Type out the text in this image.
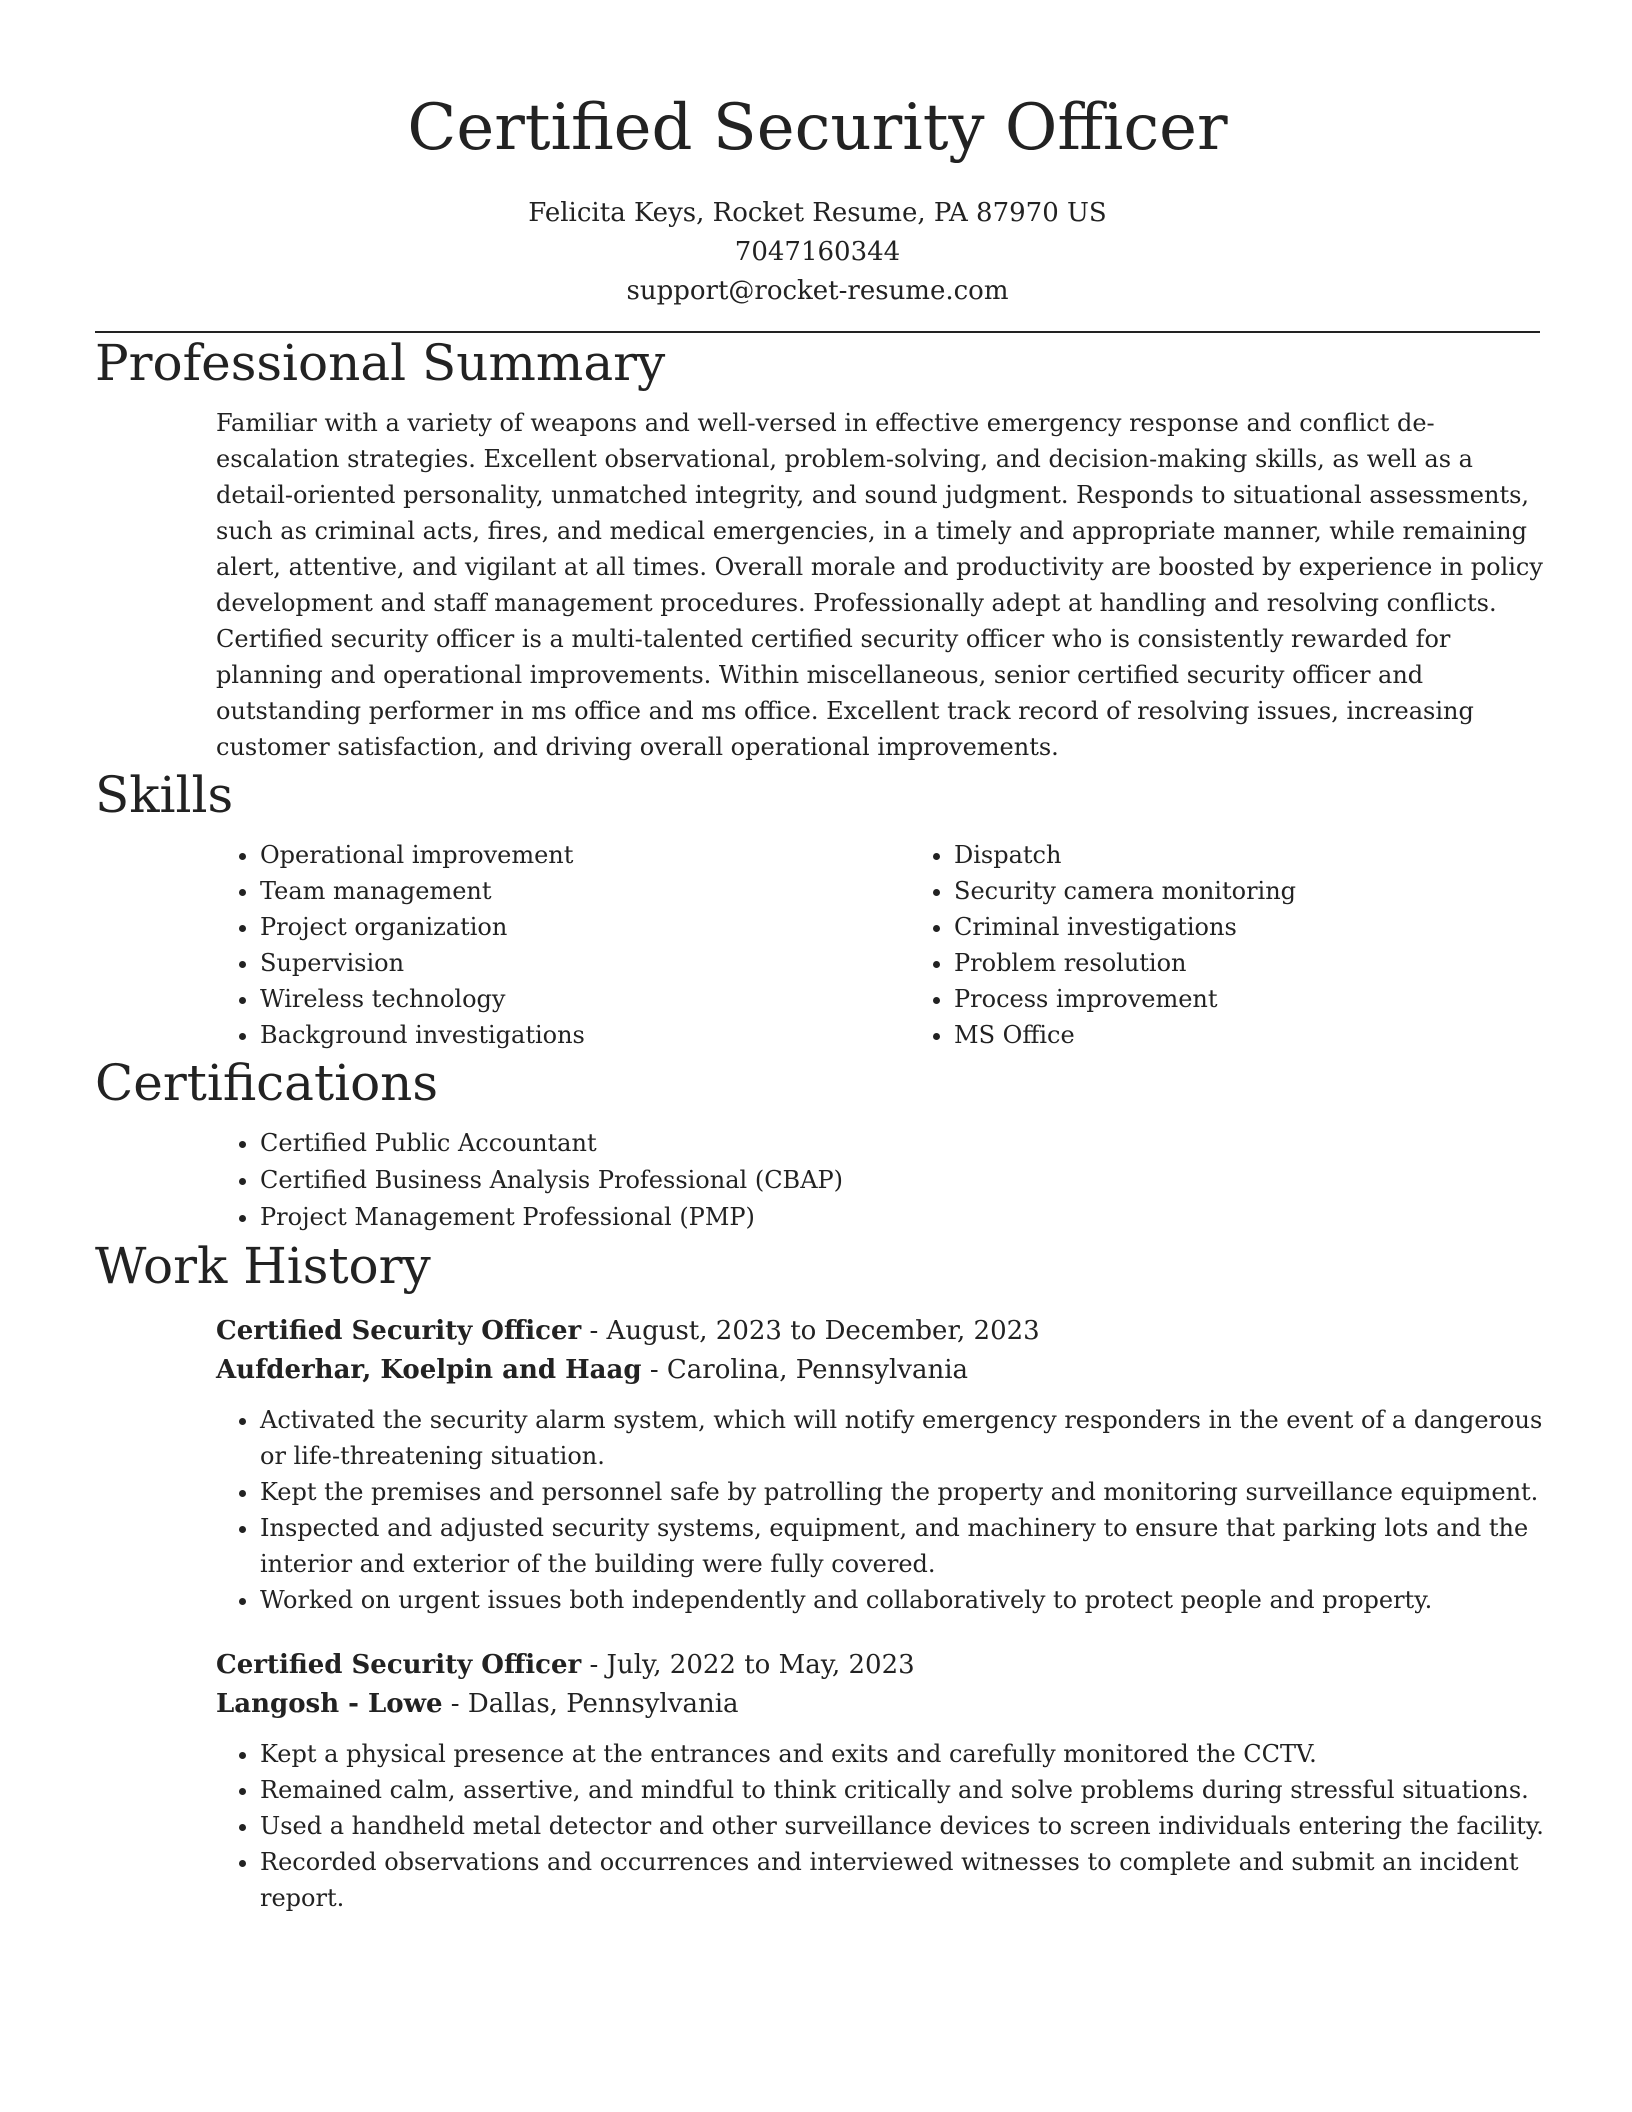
Certified Security Officer
Felicita Keys, Rocket Resume, PA 87970 US
7047160344
support@rocket-resume.com
Professional Summary
Familiar with a variety of weapons and well-versed in effective emergency response and conflict de-escalation strategies. Excellent observational, problem-solving, and decision-making skills, as well as a detail-oriented personality, unmatched integrity, and sound judgment. Responds to situational assessments, such as criminal acts, fires, and medical emergencies, in a timely and appropriate manner, while remaining alert, attentive, and vigilant at all times. Overall morale and productivity are boosted by experience in policy development and staff management procedures. Professionally adept at handling and resolving conflicts. Certified security officer is a multi-talented certified security officer who is consistently rewarded for planning and operational improvements. Within miscellaneous, senior certified security officer and outstanding performer in ms office and ms office. Excellent track record of resolving issues, increasing customer satisfaction, and driving overall operational improvements.
Skills
• Operational improvement
• Team management
• Project organization
• Supervision
• Wireless technology
• Background investigations
• Dispatch
• Security camera monitoring
• Criminal investigations
• Problem resolution
• Process improvement
• MS Office
Certifications
• Certified Public Accountant
• Certified Business Analysis Professional (CBAP)
• Project Management Professional (PMP)
Work History
Certified Security Officer - August, 2023 to December, 2023
Aufderhar, Koelpin and Haag - Carolina, Pennsylvania
• Activated the security alarm system, which will notify emergency responders in the event of a dangerous or life-threatening situation.
• Kept the premises and personnel safe by patrolling the property and monitoring surveillance equipment.
• Inspected and adjusted security systems, equipment, and machinery to ensure that parking lots and the interior and exterior of the building were fully covered.
• Worked on urgent issues both independently and collaboratively to protect people and property.
Certified Security Officer - July, 2022 to May, 2023
Langosh - Lowe - Dallas, Pennsylvania
• Kept a physical presence at the entrances and exits and carefully monitored the CCTV.
• Remained calm, assertive, and mindful to think critically and solve problems during stressful situations.
• Used a handheld metal detector and other surveillance devices to screen individuals entering the facility.
• Recorded observations and occurrences and interviewed witnesses to complete and submit an incident report.
